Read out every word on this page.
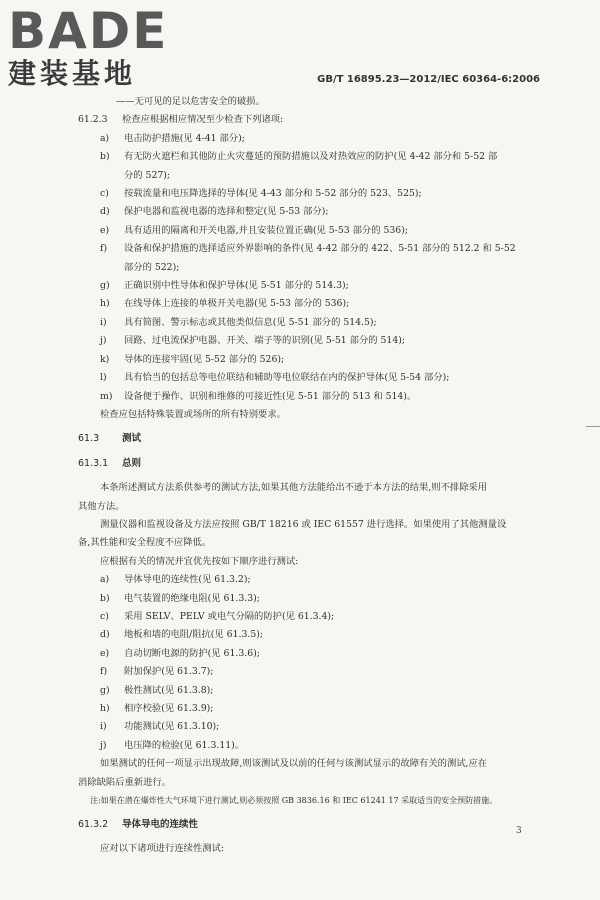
BADE
建装基地	GB/T 16895.23—2012/IEC 60364-6:2006
——无可见的足以危害安全的破损。
61.2.3 检查应根据相应情况至少检查下列诸项:
a)	电击防护措施(见 4-41 部分);
b)	有无防火遮栏和其他防止火灾蔓延的预防措施以及对热效应的防护(见 4-42 部分和 5-52 部
分的 527);
c)	按载流量和电压降选择的导体(见 4-43 部分和 5-52 部分的 523、525);
d)	保护电器和监视电器的选择和整定(见 5-53 部分);
e)	具有适用的隔离和开关电器,并且安装位置正确(见 5-53 部分的 536);
f)	设备和保护措施的选择适应外界影响的条件(见 4-42 部分的 422、5-51 部分的 512.2 和 5-52
部分的 522);
g)	正确识别中性导体和保护导体(见 5-51 部分的 514.3);
h)	在线导体上连接的单极开关电器(见 5-53 部分的 536);
i)	具有简图、警示标志或其他类似信息(见 5-51 部分的 514.5);
j)	回路、过电流保护电器、开关、端子等的识别(见 5-51 部分的 514);
k)	导体的连接牢固(见 5-52 部分的 526);
l)	具有恰当的包括总等电位联结和辅助等电位联结在内的保护导体(见 5-54 部分);
m)	设备便于操作、识别和维修的可接近性(见 5-51 部分的 513 和 514)。
检查应包括特殊装置或场所的所有特别要求。
61.3 测试
61.3.1 总则
本条所述测试方法系供参考的测试方法,如果其他方法能给出不逊于本方法的结果,则不排除采用
其他方法。
测量仪器和监视设备及方法应按照 GB/T 18216 或 IEC 61557 进行选择。如果使用了其他测量设
备,其性能和安全程度不应降低。
应根据有关的情况并宜优先按如下顺序进行测试:
a)	导体导电的连续性(见 61.3.2);
b)	电气装置的绝缘电阻(见 61.3.3);
c)	采用 SELV、PELV 或电气分隔的防护(见 61.3.4);
d)	地板和墙的电阻/阻抗(见 61.3.5);
e)	自动切断电源的防护(见 61.3.6);
f)	附加保护(见 61.3.7);
g)	极性测试(见 61.3.8);
h)	相序校验(见 61.3.9);
i)	功能测试(见 61.3.10);
j)	电压降的检验(见 61.3.11)。
如果测试的任何一项显示出现故障,则该测试及以前的任何与该测试显示的故障有关的测试,应在
消除缺陷后重新进行。
注:如果在潜在爆炸性大气环境下进行测试,则必须按照 GB 3836.16 和 IEC 61241 17 采取适当的安全预防措施。
61.3.2 导体导电的连续性
应对以下诸项进行连续性测试:
3
